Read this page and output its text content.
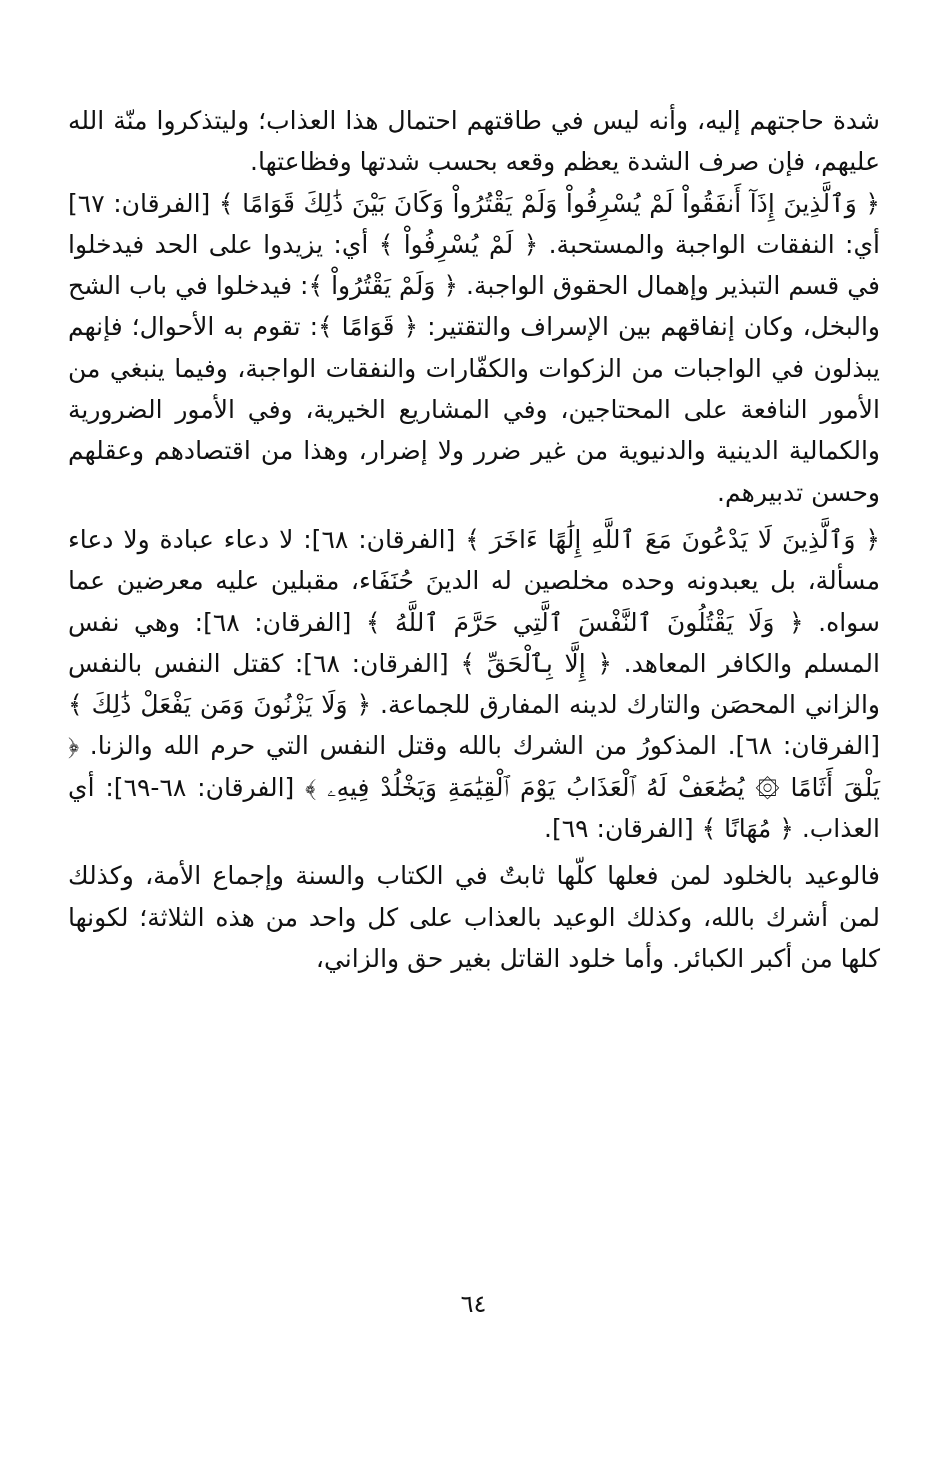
شدة حاجتهم إليه، وأنه ليس في طاقتهم احتمال هذا العذاب؛ وليتذكروا منّة الله عليهم، فإن صرف الشدة يعظم وقعه بحسب شدتها وفظاعتها.

﴿ وَٱلَّذِينَ إِذَآ أَنفَقُواْ لَمْ يُسْرِفُواْ وَلَمْ يَقْتُرُواْ وَكَانَ بَيْنَ ذَٰلِكَ قَوَامًا ﴾ [الفرقان: ٦٧] أي: النفقات الواجبة والمستحبة. ﴿ لَمْ يُسْرِفُواْ ﴾ أي: يزيدوا على الحد فيدخلوا في قسم التبذير وإهمال الحقوق الواجبة. ﴿ وَلَمْ يَقْتُرُواْ ﴾: فيدخلوا في باب الشح والبخل، وكان إنفاقهم بين الإسراف والتقتير: ﴿ قَوَامًا ﴾: تقوم به الأحوال؛ فإنهم يبذلون في الواجبات من الزكوات والكفّارات والنفقات الواجبة، وفيما ينبغي من الأمور النافعة على المحتاجين، وفي المشاريع الخيرية، وفي الأمور الضرورية والكمالية الدينية والدنيوية من غير ضرر ولا إضرار، وهذا من اقتصادهم وعقلهم وحسن تدبيرهم.

﴿ وَٱلَّذِينَ لَا يَدْعُونَ مَعَ ٱللَّهِ إِلَٰهًا ءَاخَرَ ﴾ [الفرقان: ٦٨]: لا دعاء عبادة ولا دعاء مسألة، بل يعبدونه وحده مخلصين له الدينَ حُنَفَاء، مقبلين عليه معرضين عما سواه. ﴿ وَلَا يَقْتُلُونَ ٱلنَّفْسَ ٱلَّتِي حَرَّمَ ٱللَّهُ ﴾ [الفرقان: ٦٨]: وهي نفس المسلم والكافر المعاهد. ﴿ إِلَّا بِٱلْحَقِّ ﴾ [الفرقان: ٦٨]: كقتل النفس بالنفس والزاني المحصَن والتارك لدينه المفارق للجماعة. ﴿ وَلَا يَزْنُونَ وَمَن يَفْعَلْ ذَٰلِكَ ﴾ [الفرقان: ٦٨]. المذكورُ من الشرك بالله وقتل النفس التي حرم الله والزنا. ﴿ يَلْقَ أَثَامًا ۞ يُضَٰعَفْ لَهُ ٱلْعَذَابُ يَوْمَ ٱلْقِيَٰمَةِ وَيَخْلُدْ فِيهِۦ ﴾ [الفرقان: ٦٨-٦٩]: أي العذاب. ﴿ مُهَانًا ﴾ [الفرقان: ٦٩].

فالوعيد بالخلود لمن فعلها كلّها ثابتٌ في الكتاب والسنة وإجماع الأمة، وكذلك لمن أشرك بالله، وكذلك الوعيد بالعذاب على كل واحد من هذه الثلاثة؛ لكونها كلها من أكبر الكبائر. وأما خلود القاتل بغير حق والزاني،

٦٤
